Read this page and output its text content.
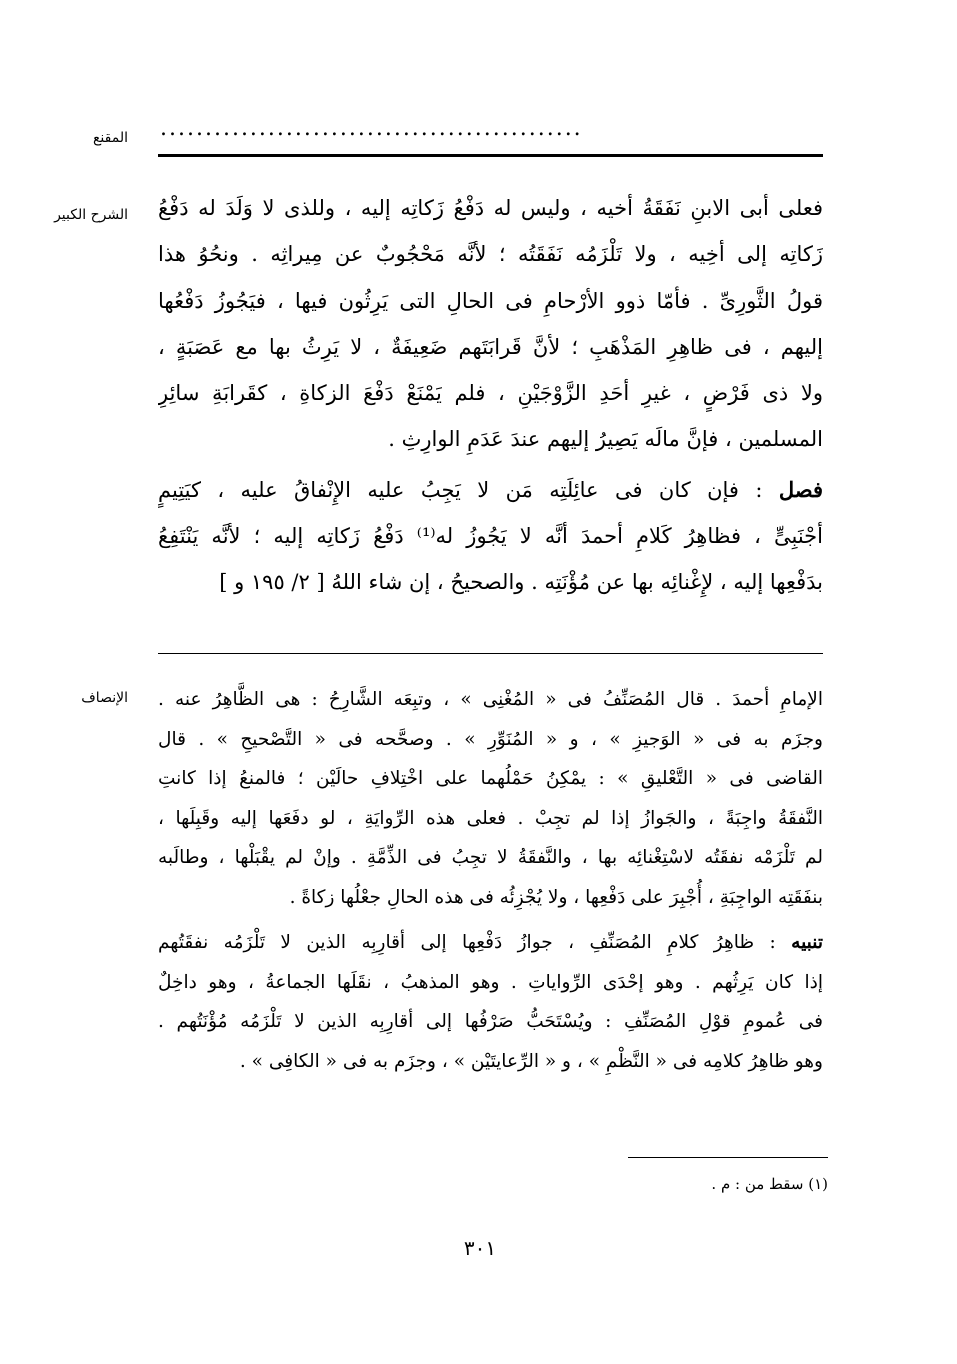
...............................................
المقنع
الشرح الكبير فعلى أبى الابنِ نَفَقَةُ أخيه ، وليس له دَفْعُ زَكاتِه إليه ، وللذى لا وَلَدَ له دَفْعُ
زَكاتِه إلى أخِيه ، ولا تَلْزَمُه نَفَقَتُه ؛ لأنَّه مَحْجُوبٌ عن مِيراثِه . ونحُوُ هذا
قولُ الثَّورِىِّ . فأمّا ذوو الأرْحامِ فى الحالِ التى يَرِثُون فيها ، فيَجُوزُ دَفْعُها
إليهم ، فى ظاهِرِ المَذْهَبِ ؛ لأنَّ قَرابَتَهم ضَعِيفَةٌ ، لا يَرِثُ بها مع عَصَبَةٍ ،
ولا ذى فَرْضٍ ، غيرِ أحَدِ الزَّوْجَيْنِ ، فلم يَمْنَعْ دَفْعَ الزكاةِ ، كقَرابَةِ سائِرِ
المسلمين ، فإنَّ مالَه يَصِيرُ إليهم عندَ عَدَمِ الوارِثِ .
فصل : فإن كان فى عائِلَتِه مَن لا يَجِبُ عليه الإِنْفاقُ عليه ، كيَتِيمٍ
أجْنَبِىٍّ ، فظاهِرُ كَلامِ أحمدَ أنَّه لا يَجُوزُ له⁽¹⁾ دَفْعُ زَكاتِه إليه ؛ لأنَّه يَنْتَفِعُ
بدَفْعِها إليه ، لإِغْنائِه بها عن مُؤْنَتِه . والصحيحُ ، إن شاء اللهُ [ ٢/ ١٩٥ و ]
الإنصاف الإمامِ أحمدَ . قال المُصَنِّفُ فى « المُغْنِى » ، وتبِعَه الشَّارِحُ : هى الظَّاهِرُ عنه .
وجزَم به فى « الوَجيزِ » ، و « المُنَوِّرِ » . وصحَّحه فى « التَّصْحيحِ » . قال
القاضى فى « التَّعْليقِ » : يمْكِنُ حَمْلُهما على اخْتِلافِ حالَيْن ؛ فالمنعُ إذا كانتِ
النَّفقَةُ واجِبَةً ، والجَوازُ إذا لم تجِبْ . فعلى هذه الرِّوايَةِ ، لو دفَعَها إليه وقَبِلَها ،
لم تَلْزَمْه نفقَتُه لاسْتِغْنائِه بها ، والنَّفقَةُ لا تجِبُ فى الذِّمَّةِ . وإنْ لم يقْبَلْها ، وطالَبه
بنفَقَتِه الواجِبَةِ ، أُجْبِرَ على دَفْعِها ، ولا يُجْزِئُه فى هذه الحالِ جعْلُها زكاةً .
تنبيه : ظاهِرُ كلامِ المُصَنِّفِ ، جوازُ دَفْعِها إلى أقارِبِه الذين لا تَلْزَمُه نفقَتُهم
إذا كان يَرِثُهم . وهو إحْدَى الرِّواياتِ . وهو المذهبُ ، نقَلَها الجماعةُ ، وهو داخِلٌ
فى عُمومِ قوْلِ المُصَنِّفِ : ويُسْتَحَبُّ صَرْفُها إلى أقارِبِه الذين لا تَلْزَمُه مُؤْنَتُهم .
وهو ظاهِرُ كلامِه فى « النَّظْمِ » ، و « الرِّعايتَيْن » ، وجزَم به فى « الكافِى » .
(١) سقط من : م .
٣٠١
